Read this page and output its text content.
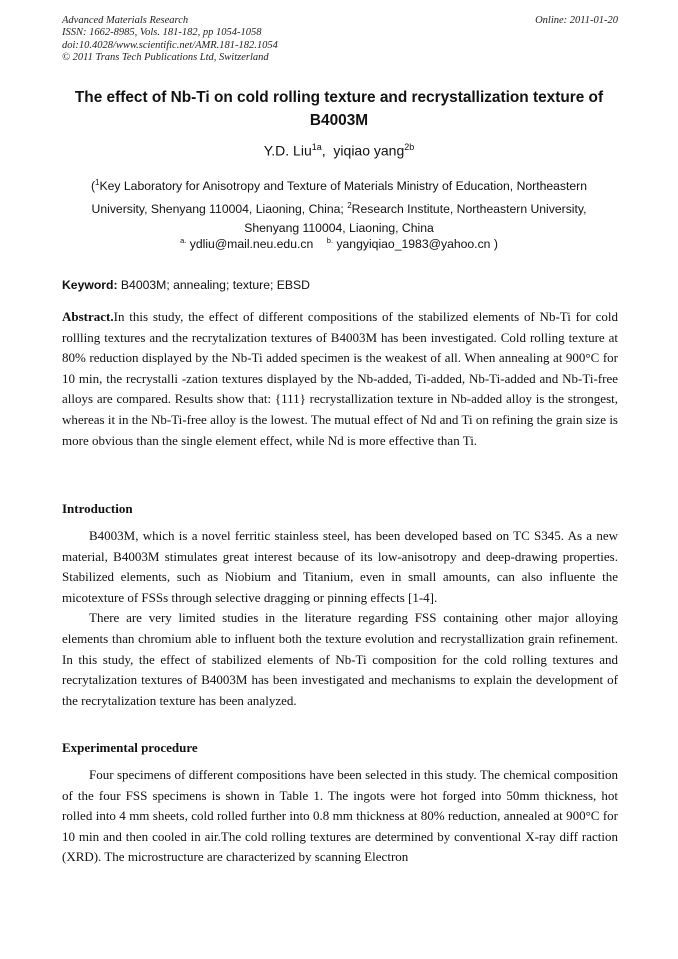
Advanced Materials Research
ISSN: 1662-8985, Vols. 181-182, pp 1054-1058
doi:10.4028/www.scientific.net/AMR.181-182.1054
© 2011 Trans Tech Publications Ltd, Switzerland
Online: 2011-01-20
The effect of Nb-Ti on cold rolling texture and recrystallization texture of
B4003M
Y.D. Liu$^{1a}$, yiqiao yang$^{2b}$
($^1$Key Laboratory for Anisotropy and Texture of Materials Ministry of Education, Northeastern University, Shenyang 110004, Liaoning, China; $^2$Research Institute, Northeastern University, Shenyang 110004, Liaoning, China
$^{a.}$ ydliu@mail.neu.edu.cn $^{b.}$ yangyiqiao_1983@yahoo.cn )
Keyword: B4003M; annealing; texture; EBSD

Abstract.In this study, the effect of different compositions of the stabilized elements of Nb-Ti for cold rollling textures and the recrytalization textures of B4003M has been investigated. Cold rolling texture at 80% reduction displayed by the Nb-Ti added specimen is the weakest of all. When annealing at 900°C for 10 min, the recrystalli -zation textures displayed by the Nb-added, Ti-added, Nb-Ti-added and Nb-Ti-free alloys are compared. Results show that: {111} recrystallization texture in Nb-added alloy is the strongest, whereas it in the Nb-Ti-free alloy is the lowest. The mutual effect of Nd and Ti on refining the grain size is more obvious than the single element effect, while Nd is more effective than Ti.

Introduction

B4003M, which is a novel ferritic stainless steel, has been developed based on TC S345. As a new material, B4003M stimulates great interest because of its low-anisotropy and deep-drawing properties. Stabilized elements, such as Niobium and Titanium, even in small amounts, can also influente the micotexture of FSSs through selective dragging or pinning effects [1-4].

There are very limited studies in the literature regarding FSS containing other major alloying elements than chromium able to influent both the texture evolution and recrystallization grain refinement. In this study, the effect of stabilized elements of Nb-Ti composition for the cold rolling textures and recrytalization textures of B4003M has been investigated and mechanisms to explain the development of the recrytalization texture has been analyzed.

Experimental procedure

Four specimens of different compositions have been selected in this study. The chemical composition of the four FSS specimens is shown in Table 1. The ingots were hot forged into 50mm thickness, hot rolled into 4 mm sheets, cold rolled further into 0.8 mm thickness at 80% reduction, annealed at 900°C for 10 min and then cooled in air.The cold rolling textures are determined by conventional X-ray diff raction (XRD). The microstructure are characterized by scanning Electron
